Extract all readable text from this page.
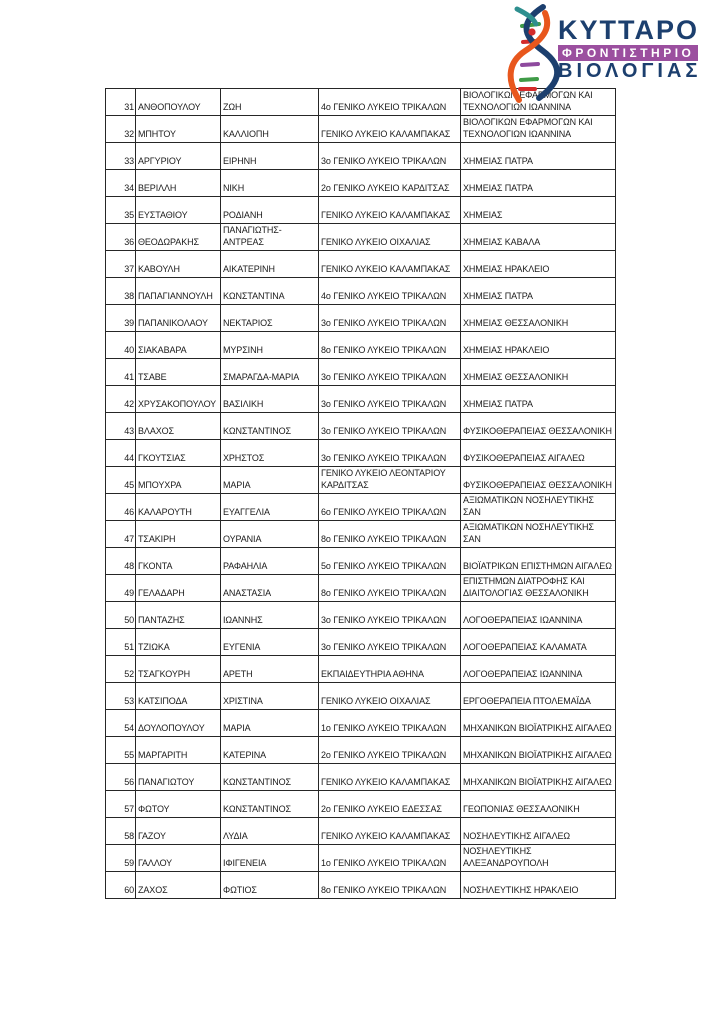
ΚΥΤΤΑΡΟ
ΦΡΟΝΤΙΣΤΗΡΙΟ
ΒΙΟΛΟΓΙΑΣ
31	ΑΝΘΟΠΟΥΛΟΥ	ΖΩΗ	4ο ΓΕΝΙΚΟ ΛΥΚΕΙΟ ΤΡΙΚΑΛΩΝ	ΒΙΟΛΟΓΙΚΩΝ ΕΦΑΡΜΟΓΩΝ ΚΑΙ ΤΕΧΝΟΛΟΓΙΩΝ ΙΩΑΝΝΙΝΑ
32	ΜΠΗΤΟΥ	ΚΑΛΛΙΟΠΗ	ΓΕΝΙΚΟ ΛΥΚΕΙΟ ΚΑΛΑΜΠΑΚΑΣ	ΒΙΟΛΟΓΙΚΩΝ ΕΦΑΡΜΟΓΩΝ ΚΑΙ ΤΕΧΝΟΛΟΓΙΩΝ ΙΩΑΝΝΙΝΑ
33	ΑΡΓΥΡΙΟΥ	ΕΙΡΗΝΗ	3ο ΓΕΝΙΚΟ ΛΥΚΕΙΟ ΤΡΙΚΑΛΩΝ	ΧΗΜΕΙΑΣ ΠΑΤΡΑ
34	ΒΕΡΙΛΛΗ	ΝΙΚΗ	2ο ΓΕΝΙΚΟ ΛΥΚΕΙΟ ΚΑΡΔΙΤΣΑΣ	ΧΗΜΕΙΑΣ ΠΑΤΡΑ
35	ΕΥΣΤΑΘΙΟΥ	ΡΟΔΙΑΝΗ	ΓΕΝΙΚΟ ΛΥΚΕΙΟ ΚΑΛΑΜΠΑΚΑΣ	ΧΗΜΕΙΑΣ
36	ΘΕΟΔΩΡΑΚΗΣ	ΠΑΝΑΓΙΩΤΗΣ-ΑΝΤΡΕΑΣ	ΓΕΝΙΚΟ ΛΥΚΕΙΟ ΟΙΧΑΛΙΑΣ	ΧΗΜΕΙΑΣ ΚΑΒΑΛΑ
37	ΚΑΒΟΥΛΗ	ΑΙΚΑΤΕΡΙΝΗ	ΓΕΝΙΚΟ ΛΥΚΕΙΟ ΚΑΛΑΜΠΑΚΑΣ	ΧΗΜΕΙΑΣ ΗΡΑΚΛΕΙΟ
38	ΠΑΠΑΓΙΑΝΝΟΥΛΗ	ΚΩΝΣΤΑΝΤΙΝΑ	4ο ΓΕΝΙΚΟ ΛΥΚΕΙΟ ΤΡΙΚΑΛΩΝ	ΧΗΜΕΙΑΣ ΠΑΤΡΑ
39	ΠΑΠΑΝΙΚΟΛΑΟΥ	ΝΕΚΤΑΡΙΟΣ	3ο ΓΕΝΙΚΟ ΛΥΚΕΙΟ ΤΡΙΚΑΛΩΝ	ΧΗΜΕΙΑΣ ΘΕΣΣΑΛΟΝΙΚΗ
40	ΣΙΑΚΑΒΑΡΑ	ΜΥΡΣΙΝΗ	8ο ΓΕΝΙΚΟ ΛΥΚΕΙΟ ΤΡΙΚΑΛΩΝ	ΧΗΜΕΙΑΣ ΗΡΑΚΛΕΙΟ
41	ΤΣΑΒΕ	ΣΜΑΡΑΓΔΑ-ΜΑΡΙΑ	3ο ΓΕΝΙΚΟ ΛΥΚΕΙΟ ΤΡΙΚΑΛΩΝ	ΧΗΜΕΙΑΣ ΘΕΣΣΑΛΟΝΙΚΗ
42	ΧΡΥΣΑΚΟΠΟΥΛΟΥ	ΒΑΣΙΛΙΚΗ	3ο ΓΕΝΙΚΟ ΛΥΚΕΙΟ ΤΡΙΚΑΛΩΝ	ΧΗΜΕΙΑΣ ΠΑΤΡΑ
43	ΒΛΑΧΟΣ	ΚΩΝΣΤΑΝΤΙΝΟΣ	3ο ΓΕΝΙΚΟ ΛΥΚΕΙΟ ΤΡΙΚΑΛΩΝ	ΦΥΣΙΚΟΘΕΡΑΠΕΙΑΣ ΘΕΣΣΑΛΟΝΙΚΗ
44	ΓΚΟΥΤΣΙΑΣ	ΧΡΗΣΤΟΣ	3ο ΓΕΝΙΚΟ ΛΥΚΕΙΟ ΤΡΙΚΑΛΩΝ	ΦΥΣΙΚΟΘΕΡΑΠΕΙΑΣ ΑΙΓΑΛΕΩ
45	ΜΠΟΥΧΡΑ	ΜΑΡΙΑ	ΓΕΝΙΚΟ ΛΥΚΕΙΟ ΛΕΟΝΤΑΡΙΟΥ ΚΑΡΔΙΤΣΑΣ	ΦΥΣΙΚΟΘΕΡΑΠΕΙΑΣ ΘΕΣΣΑΛΟΝΙΚΗ
46	ΚΑΛΑΡΟΥΤΗ	ΕΥΑΓΓΕΛΙΑ	6ο ΓΕΝΙΚΟ ΛΥΚΕΙΟ ΤΡΙΚΑΛΩΝ	ΑΞΙΩΜΑΤΙΚΩΝ ΝΟΣΗΛΕΥΤΙΚΗΣ ΣΑΝ
47	ΤΣΑΚΙΡΗ	ΟΥΡΑΝΙΑ	8ο ΓΕΝΙΚΟ ΛΥΚΕΙΟ ΤΡΙΚΑΛΩΝ	ΑΞΙΩΜΑΤΙΚΩΝ ΝΟΣΗΛΕΥΤΙΚΗΣ ΣΑΝ
48	ΓΚΟΝΤΑ	ΡΑΦΑΗΛΙΑ	5ο ΓΕΝΙΚΟ ΛΥΚΕΙΟ ΤΡΙΚΑΛΩΝ	ΒΙΟΪΑΤΡΙΚΩΝ ΕΠΙΣΤΗΜΩΝ ΑΙΓΑΛΕΩ
49	ΓΕΛΑΔΑΡΗ	ΑΝΑΣΤΑΣΙΑ	8ο ΓΕΝΙΚΟ ΛΥΚΕΙΟ ΤΡΙΚΑΛΩΝ	ΕΠΙΣΤΗΜΩΝ ΔΙΑΤΡΟΦΗΣ ΚΑΙ ΔΙΑΙΤΟΛΟΓΙΑΣ ΘΕΣΣΑΛΟΝΙΚΗ
50	ΠΑΝΤΑΖΗΣ	ΙΩΑΝΝΗΣ	3ο ΓΕΝΙΚΟ ΛΥΚΕΙΟ ΤΡΙΚΑΛΩΝ	ΛΟΓΟΘΕΡΑΠΕΙΑΣ ΙΩΑΝΝΙΝΑ
51	ΤΖΙΩΚΑ	ΕΥΓΕΝΙΑ	3ο ΓΕΝΙΚΟ ΛΥΚΕΙΟ ΤΡΙΚΑΛΩΝ	ΛΟΓΟΘΕΡΑΠΕΙΑΣ ΚΑΛΑΜΑΤΑ
52	ΤΣΑΓΚΟΥΡΗ	ΑΡΕΤΗ	ΕΚΠΑΙΔΕΥΤΗΡΙΑ ΑΘΗΝΑ	ΛΟΓΟΘΕΡΑΠΕΙΑΣ ΙΩΑΝΝΙΝΑ
53	ΚΑΤΣΙΠΟΔΑ	ΧΡΙΣΤΙΝΑ	ΓΕΝΙΚΟ ΛΥΚΕΙΟ ΟΙΧΑΛΙΑΣ	ΕΡΓΟΘΕΡΑΠΕΙΑ ΠΤΟΛΕΜΑΪΔΑ
54	ΔΟΥΛΟΠΟΥΛΟΥ	ΜΑΡΙΑ	1ο ΓΕΝΙΚΟ ΛΥΚΕΙΟ ΤΡΙΚΑΛΩΝ	ΜΗΧΑΝΙΚΩΝ ΒΙΟΪΑΤΡΙΚΗΣ ΑΙΓΑΛΕΩ
55	ΜΑΡΓΑΡΙΤΗ	ΚΑΤΕΡΙΝΑ	2ο ΓΕΝΙΚΟ ΛΥΚΕΙΟ ΤΡΙΚΑΛΩΝ	ΜΗΧΑΝΙΚΩΝ ΒΙΟΪΑΤΡΙΚΗΣ ΑΙΓΑΛΕΩ
56	ΠΑΝΑΓΙΩΤΟΥ	ΚΩΝΣΤΑΝΤΙΝΟΣ	ΓΕΝΙΚΟ ΛΥΚΕΙΟ ΚΑΛΑΜΠΑΚΑΣ	ΜΗΧΑΝΙΚΩΝ ΒΙΟΪΑΤΡΙΚΗΣ ΑΙΓΑΛΕΩ
57	ΦΩΤΟΥ	ΚΩΝΣΤΑΝΤΙΝΟΣ	2ο ΓΕΝΙΚΟ ΛΥΚΕΙΟ ΕΔΕΣΣΑΣ	ΓΕΩΠΟΝΙΑΣ ΘΕΣΣΑΛΟΝΙΚΗ
58	ΓΑΖΟΥ	ΛΥΔΙΑ	ΓΕΝΙΚΟ ΛΥΚΕΙΟ ΚΑΛΑΜΠΑΚΑΣ	ΝΟΣΗΛΕΥΤΙΚΗΣ ΑΙΓΑΛΕΩ
59	ΓΑΛΛΟΥ	ΙΦΙΓΕΝΕΙΑ	1ο ΓΕΝΙΚΟ ΛΥΚΕΙΟ ΤΡΙΚΑΛΩΝ	ΝΟΣΗΛΕΥΤΙΚΗΣ ΑΛΕΞΑΝΔΡΟΥΠΟΛΗ
60	ΖΑΧΟΣ	ΦΩΤΙΟΣ	8ο ΓΕΝΙΚΟ ΛΥΚΕΙΟ ΤΡΙΚΑΛΩΝ	ΝΟΣΗΛΕΥΤΙΚΗΣ ΗΡΑΚΛΕΙΟ
